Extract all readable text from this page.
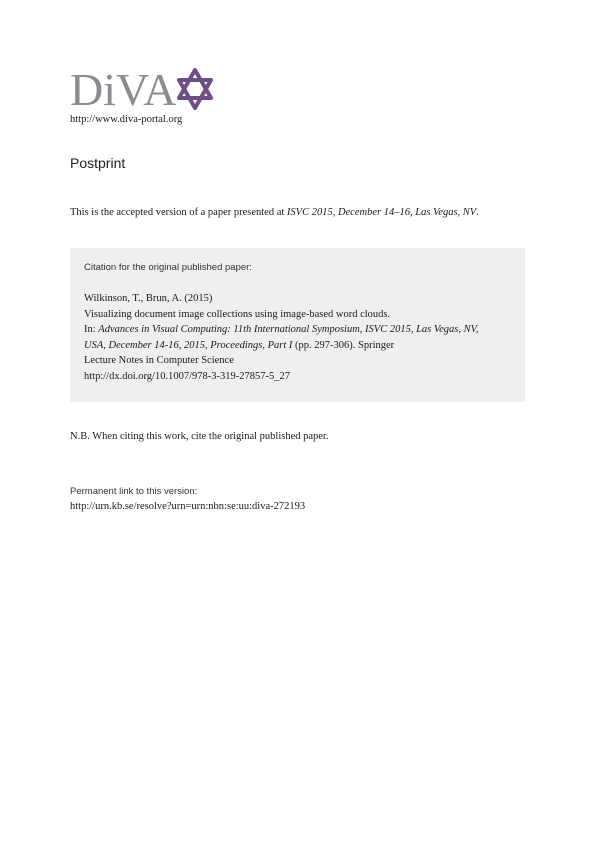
DiVA
http://www.diva-portal.org
Postprint
This is the accepted version of a paper presented at ISVC 2015, December 14–16, Las Vegas, NV.
Citation for the original published paper:
Wilkinson, T., Brun, A. (2015)
Visualizing document image collections using image-based word clouds.
In: Advances in Visual Computing: 11th International Symposium, ISVC 2015, Las Vegas, NV,
USA, December 14-16, 2015, Proceedings, Part I (pp. 297-306). Springer
Lecture Notes in Computer Science
http://dx.doi.org/10.1007/978-3-319-27857-5_27
N.B. When citing this work, cite the original published paper.
Permanent link to this version:
http://urn.kb.se/resolve?urn=urn:nbn:se:uu:diva-272193
